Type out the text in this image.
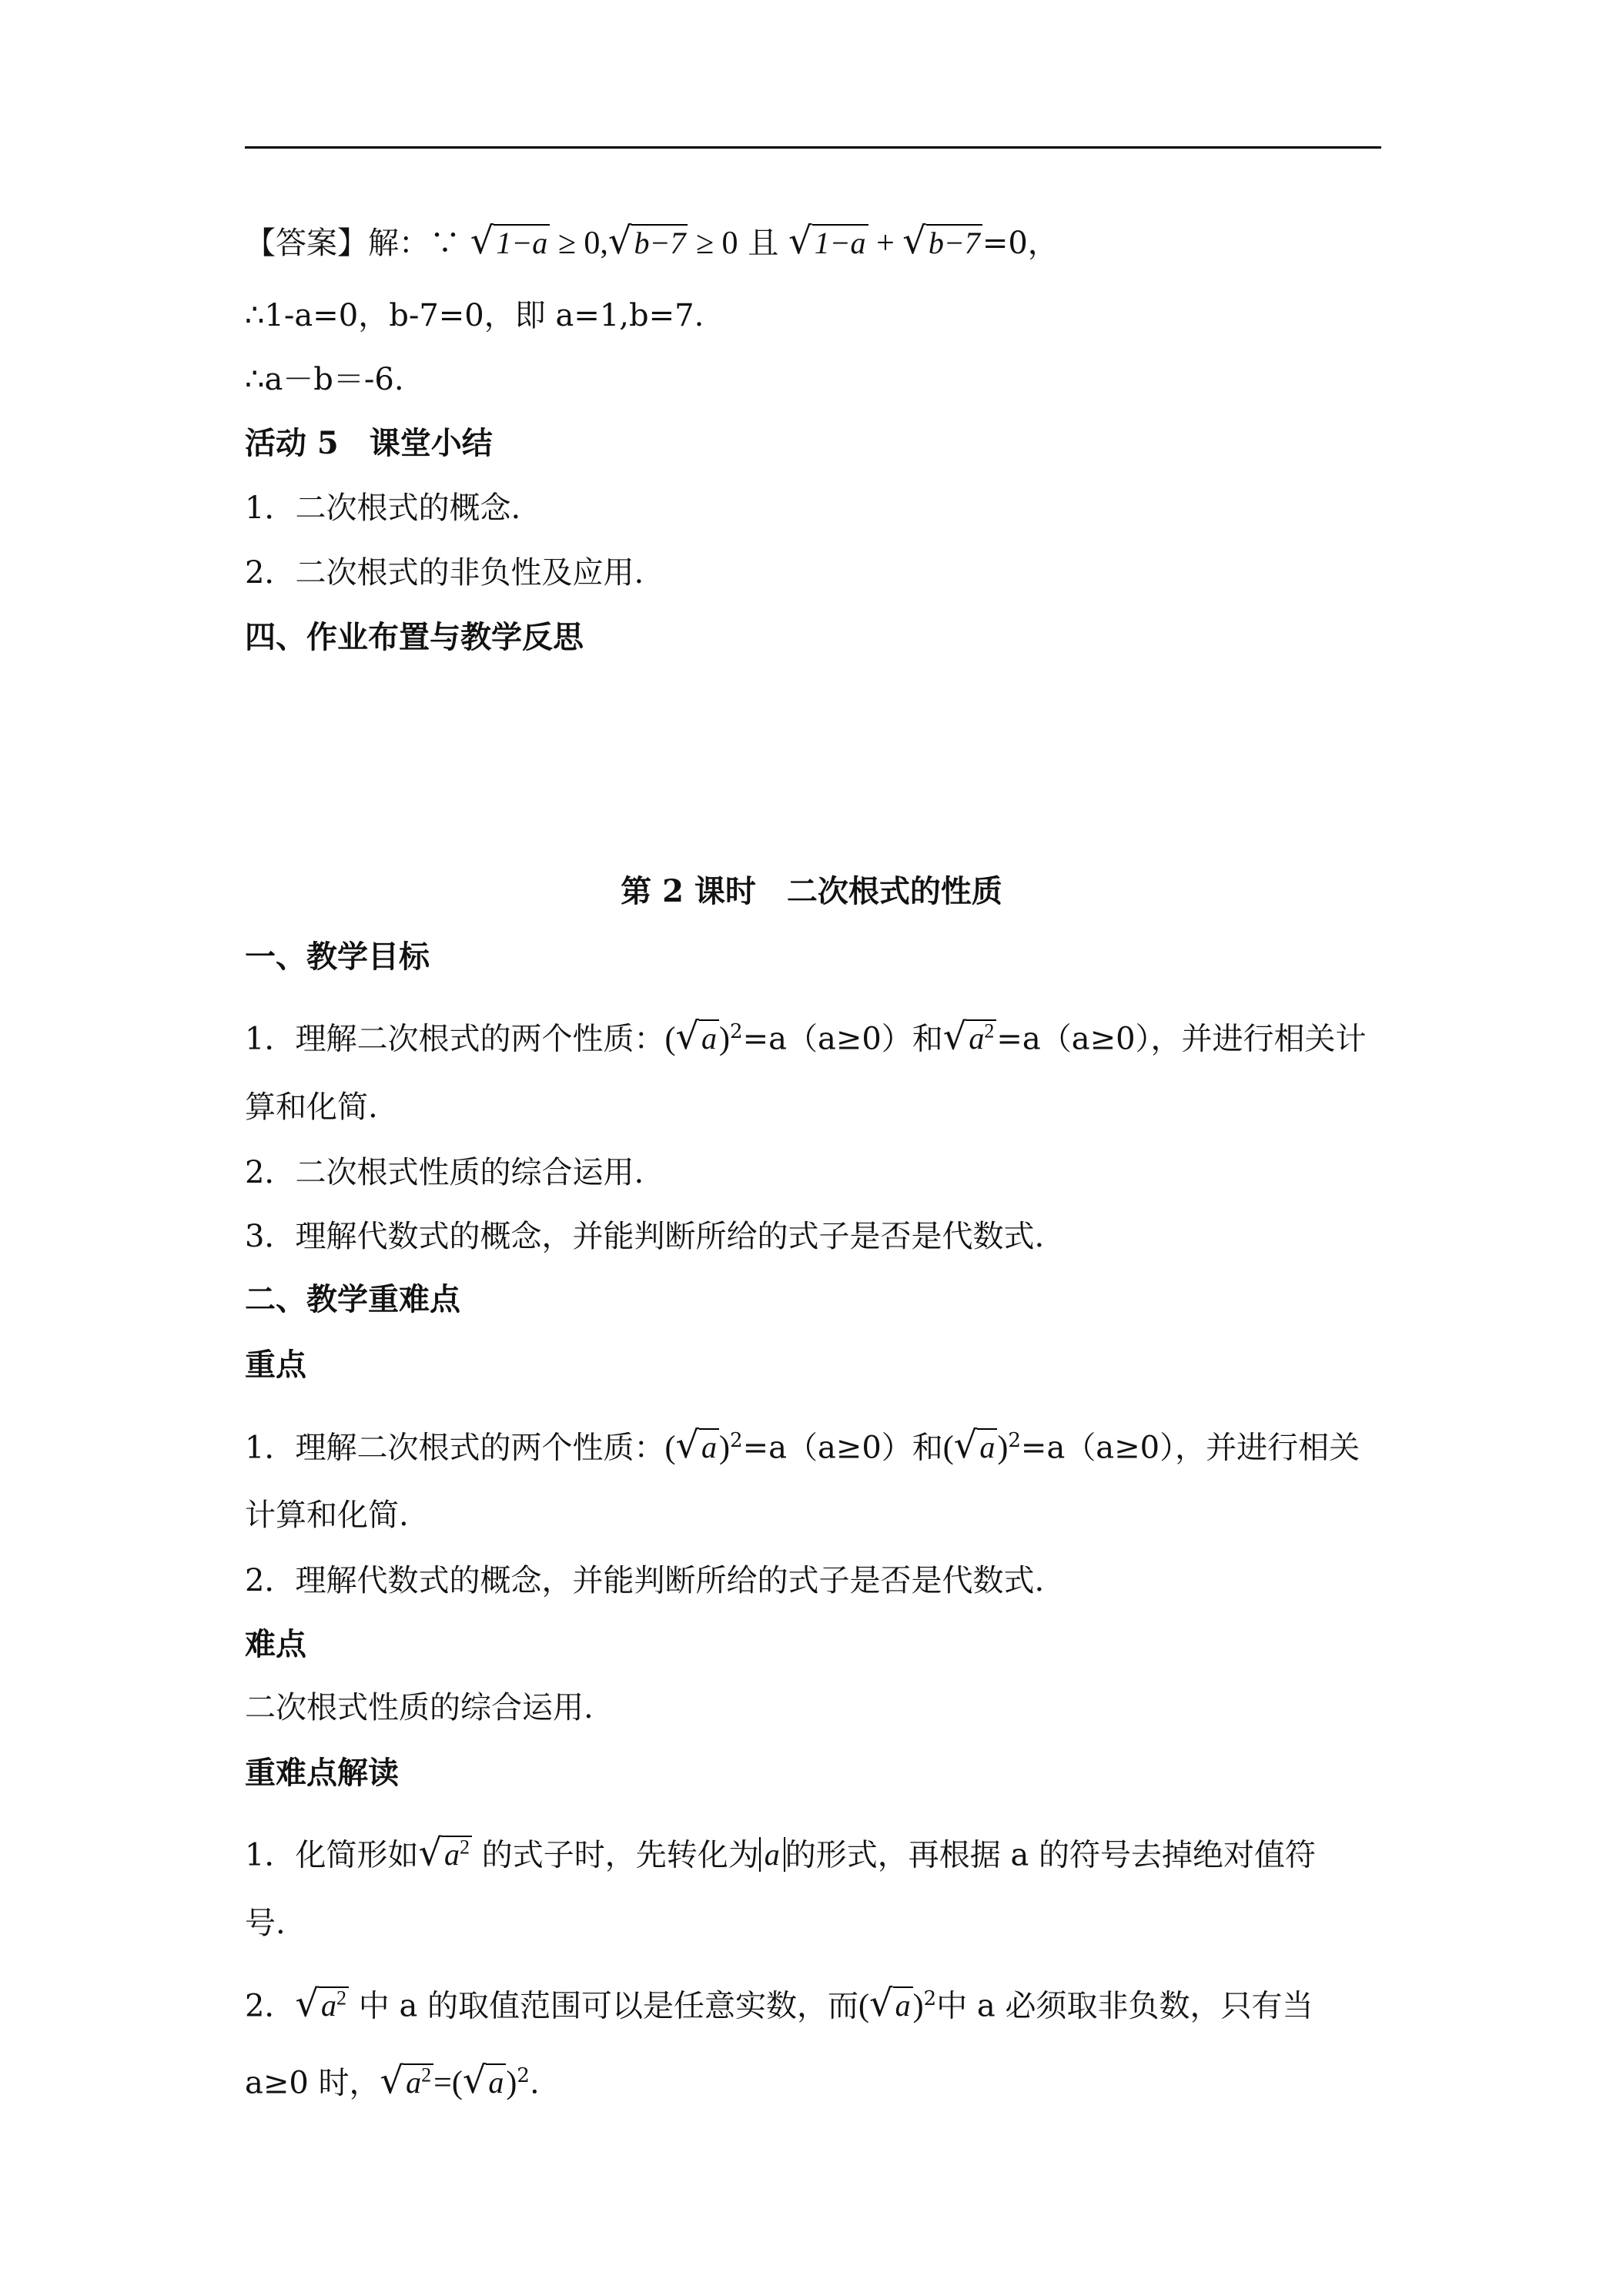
【答案】解：∵ √1−a ≥ 0,√b−7 ≥ 0 且 √1−a + √b−7=0，
∴1-a=0，b-7=0，即 a=1,b=7.
∴a－b＝-6.
活动 5　课堂小结
1．二次根式的概念.
2．二次根式的非负性及应用.
四、作业布置与教学反思
第 2 课时　二次根式的性质
一、教学目标
1．理解二次根式的两个性质：$(√a)^2=a(a\ge 0)$和$√a^2=a(a\ge 0)$，并进行相关计
算和化简.
2．二次根式性质的综合运用.
3．理解代数式的概念，并能判断所给的式子是否是代数式.
二、教学重难点
重点
1．理解二次根式的两个性质：$(√a)^2=a(a\ge 0)$和$(√a)^2=a(a\ge 0)$，并进行相关
计算和化简.
2．理解代数式的概念，并能判断所给的式子是否是代数式.
难点
二次根式性质的综合运用.
重难点解读
1．化简形如$√a^2$ 的式子时，先转化为 a 的形式，再根据 a 的符号去掉绝对值符
号.
2．$√a^2$ 中 a 的取值范围可以是任意实数，而$(√a)^2$中 a 必须取非负数，只有当
a≥0 时，$√a^2=(√a)^2$.
